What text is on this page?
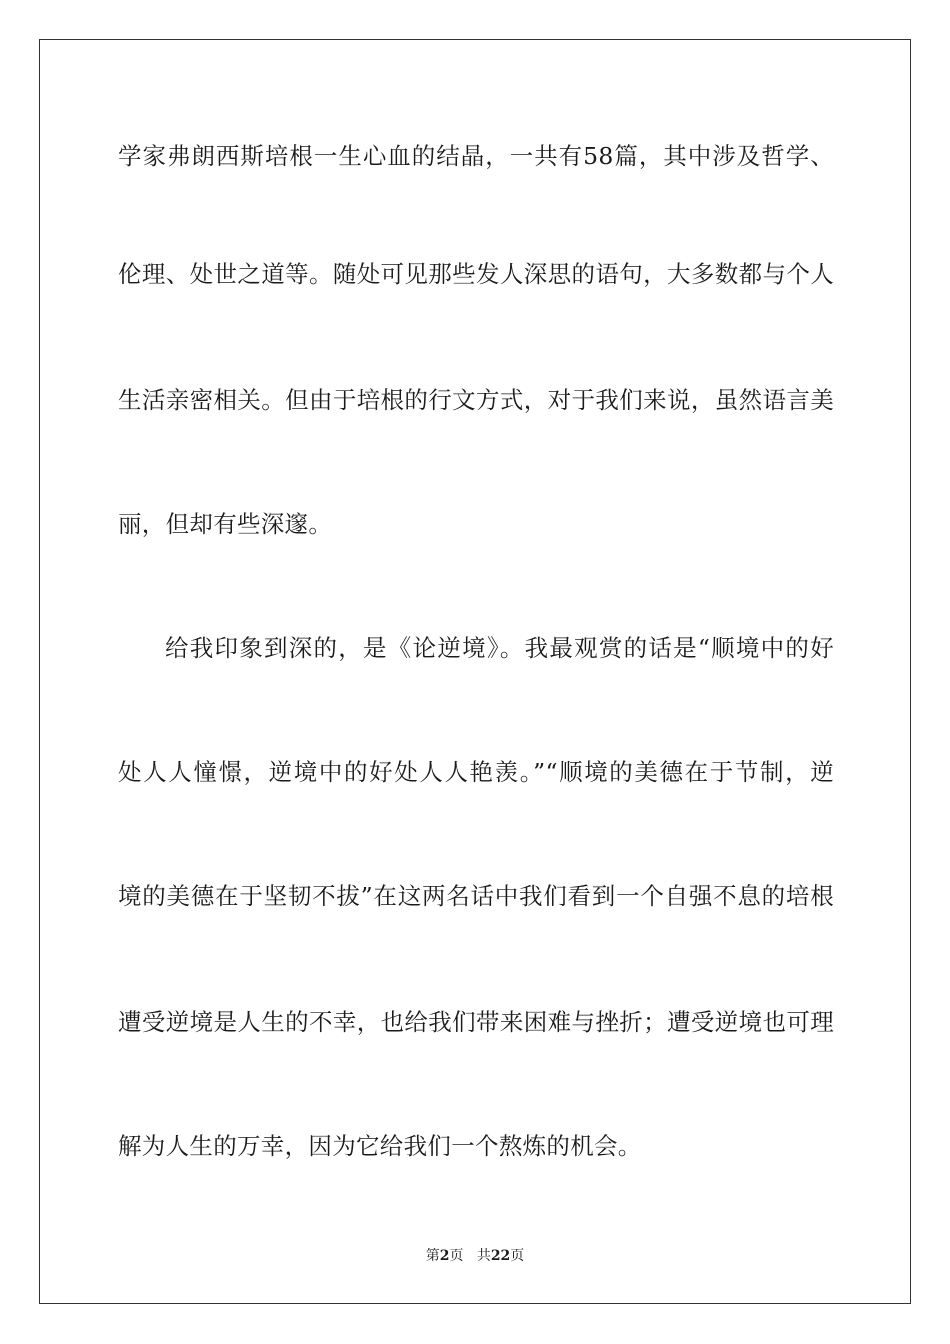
学家弗朗西斯培根一生心血的结晶，一共有58篇，其中涉及哲学、
伦理、处世之道等。随处可见那些发人深思的语句，大多数都与个人
生活亲密相关。但由于培根的行文方式，对于我们来说，虽然语言美
丽，但却有些深邃。
给我印象到深的，是《论逆境》。我最观赏的话是“顺境中的好
处人人憧憬，逆境中的好处人人艳羡。”“顺境的美德在于节制，逆
境的美德在于坚韧不拔”在这两名话中我们看到一个自强不息的培根
遭受逆境是人生的不幸，也给我们带来困难与挫折；遭受逆境也可理
解为人生的万幸，因为它给我们一个熬炼的机会。
第2页 共22页
